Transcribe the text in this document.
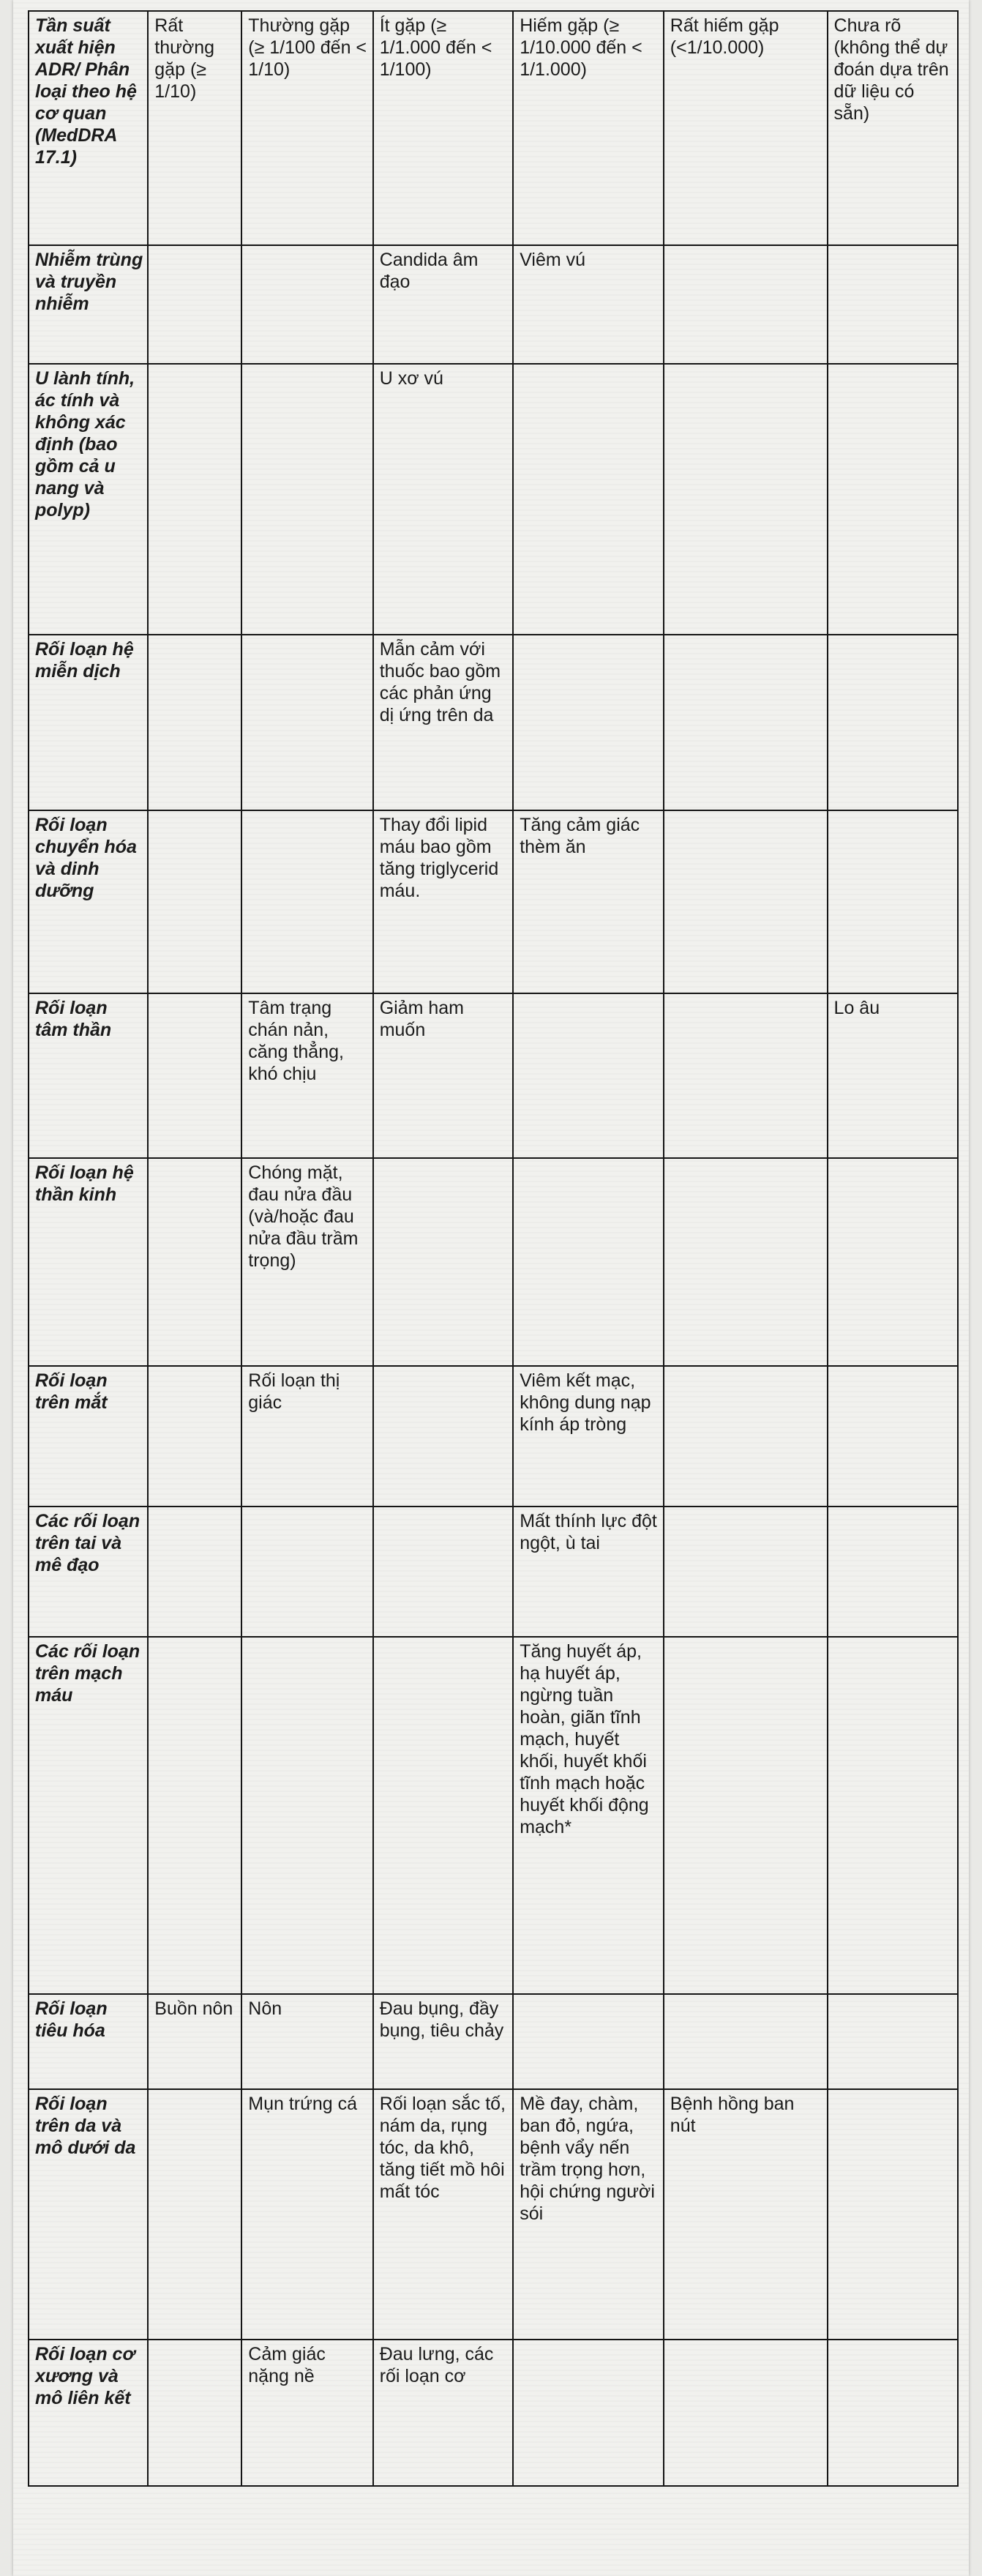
Tần suất xuất hiện ADR/ Phân loại theo hệ cơ quan (MedDRA 17.1)	Rất thường gặp (≥ 1/10)	Thường gặp (≥ 1/100 đến < 1/10)	Ít gặp (≥ 1/1.000 đến < 1/100)	Hiếm gặp (≥ 1/10.000 đến < 1/1.000)	Rất hiếm gặp (<1/10.000)	Chưa rõ (không thể dự đoán dựa trên dữ liệu có sẵn)
Nhiễm trùng và truyền nhiễm			Candida âm đạo	Viêm vú		
U lành tính, ác tính và không xác định (bao gồm cả u nang và polyp)			U xơ vú			
Rối loạn hệ miễn dịch			Mẫn cảm với thuốc bao gồm các phản ứng dị ứng trên da			
Rối loạn chuyển hóa và dinh dưỡng			Thay đổi lipid máu bao gồm tăng triglycerid máu.	Tăng cảm giác thèm ăn		
Rối loạn tâm thần		Tâm trạng chán nản, căng thẳng, khó chịu	Giảm ham muốn			Lo âu
Rối loạn hệ thần kinh		Chóng mặt, đau nửa đầu (và/hoặc đau nửa đầu trầm trọng)				
Rối loạn trên mắt		Rối loạn thị giác		Viêm kết mạc, không dung nạp kính áp tròng		
Các rối loạn trên tai và mê đạo				Mất thính lực đột ngột, ù tai		
Các rối loạn trên mạch máu				Tăng huyết áp, hạ huyết áp, ngừng tuần hoàn, giãn tĩnh mạch, huyết khối, huyết khối tĩnh mạch hoặc huyết khối động mạch*		
Rối loạn tiêu hóa	Buồn nôn	Nôn	Đau bụng, đầy bụng, tiêu chảy			
Rối loạn trên da và mô dưới da		Mụn trứng cá	Rối loạn sắc tố, nám da, rụng tóc, da khô, tăng tiết mồ hôi mất tóc	Mề đay, chàm, ban đỏ, ngứa, bệnh vẩy nến trầm trọng hơn, hội chứng người sói	Bệnh hồng ban nút	
Rối loạn cơ xương và mô liên kết		Cảm giác nặng nề	Đau lưng, các rối loạn cơ			
